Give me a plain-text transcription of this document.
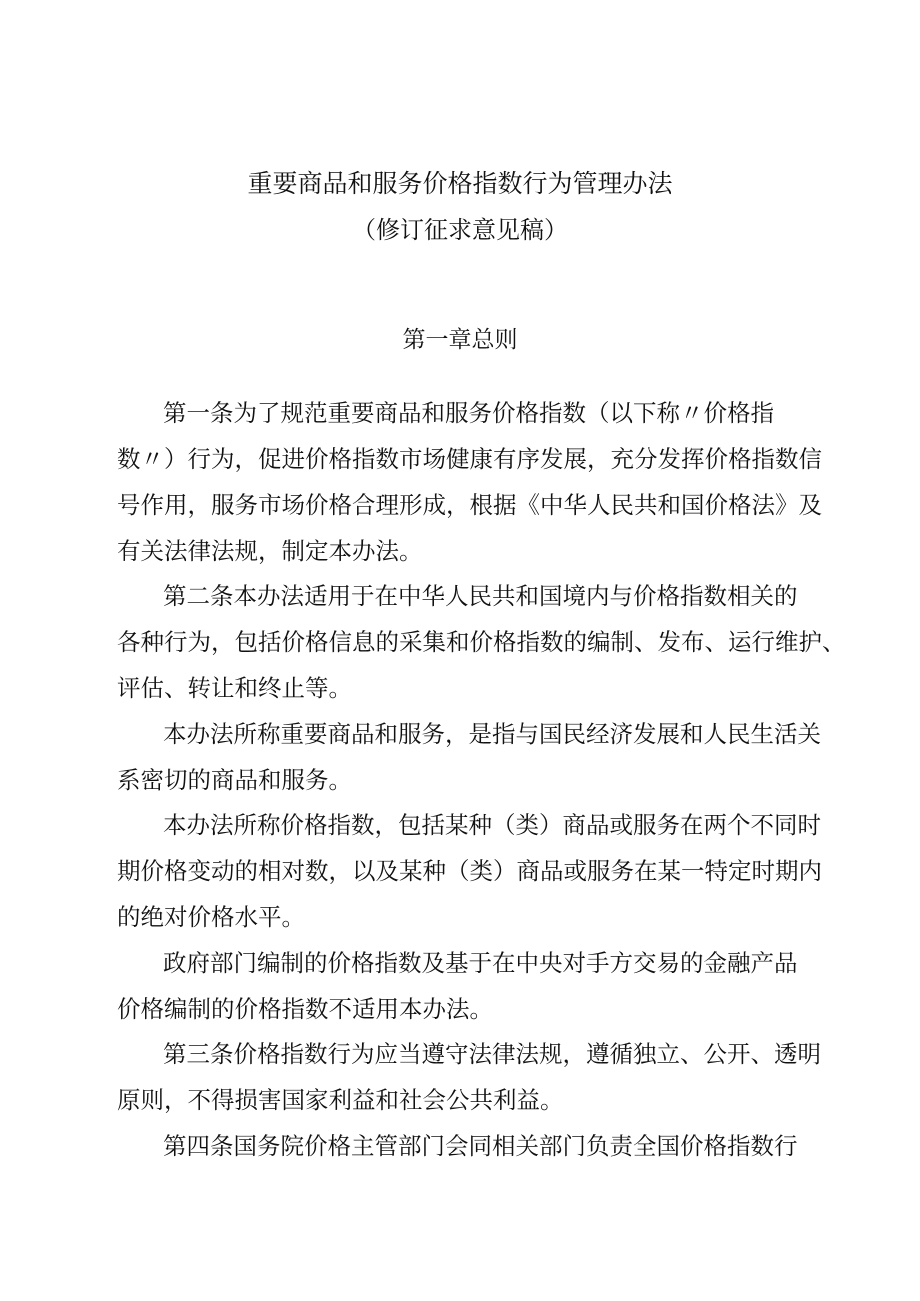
重要商品和服务价格指数行为管理办法
（修订征求意见稿）
第一章总则
第一条为了规范重要商品和服务价格指数（以下称〃价格指
数〃）行为，促进价格指数市场健康有序发展，充分发挥价格指数信
号作用，服务市场价格合理形成，根据《中华人民共和国价格法》及
有关法律法规，制定本办法。
第二条本办法适用于在中华人民共和国境内与价格指数相关的
各种行为，包括价格信息的采集和价格指数的编制、发布、运行维护、
评估、转让和终止等。
本办法所称重要商品和服务，是指与国民经济发展和人民生活关
系密切的商品和服务。
本办法所称价格指数，包括某种（类）商品或服务在两个不同时
期价格变动的相对数，以及某种（类）商品或服务在某一特定时期内
的绝对价格水平。
政府部门编制的价格指数及基于在中央对手方交易的金融产品
价格编制的价格指数不适用本办法。
第三条价格指数行为应当遵守法律法规，遵循独立、公开、透明
原则，不得损害国家利益和社会公共利益。
第四条国务院价格主管部门会同相关部门负责全国价格指数行
